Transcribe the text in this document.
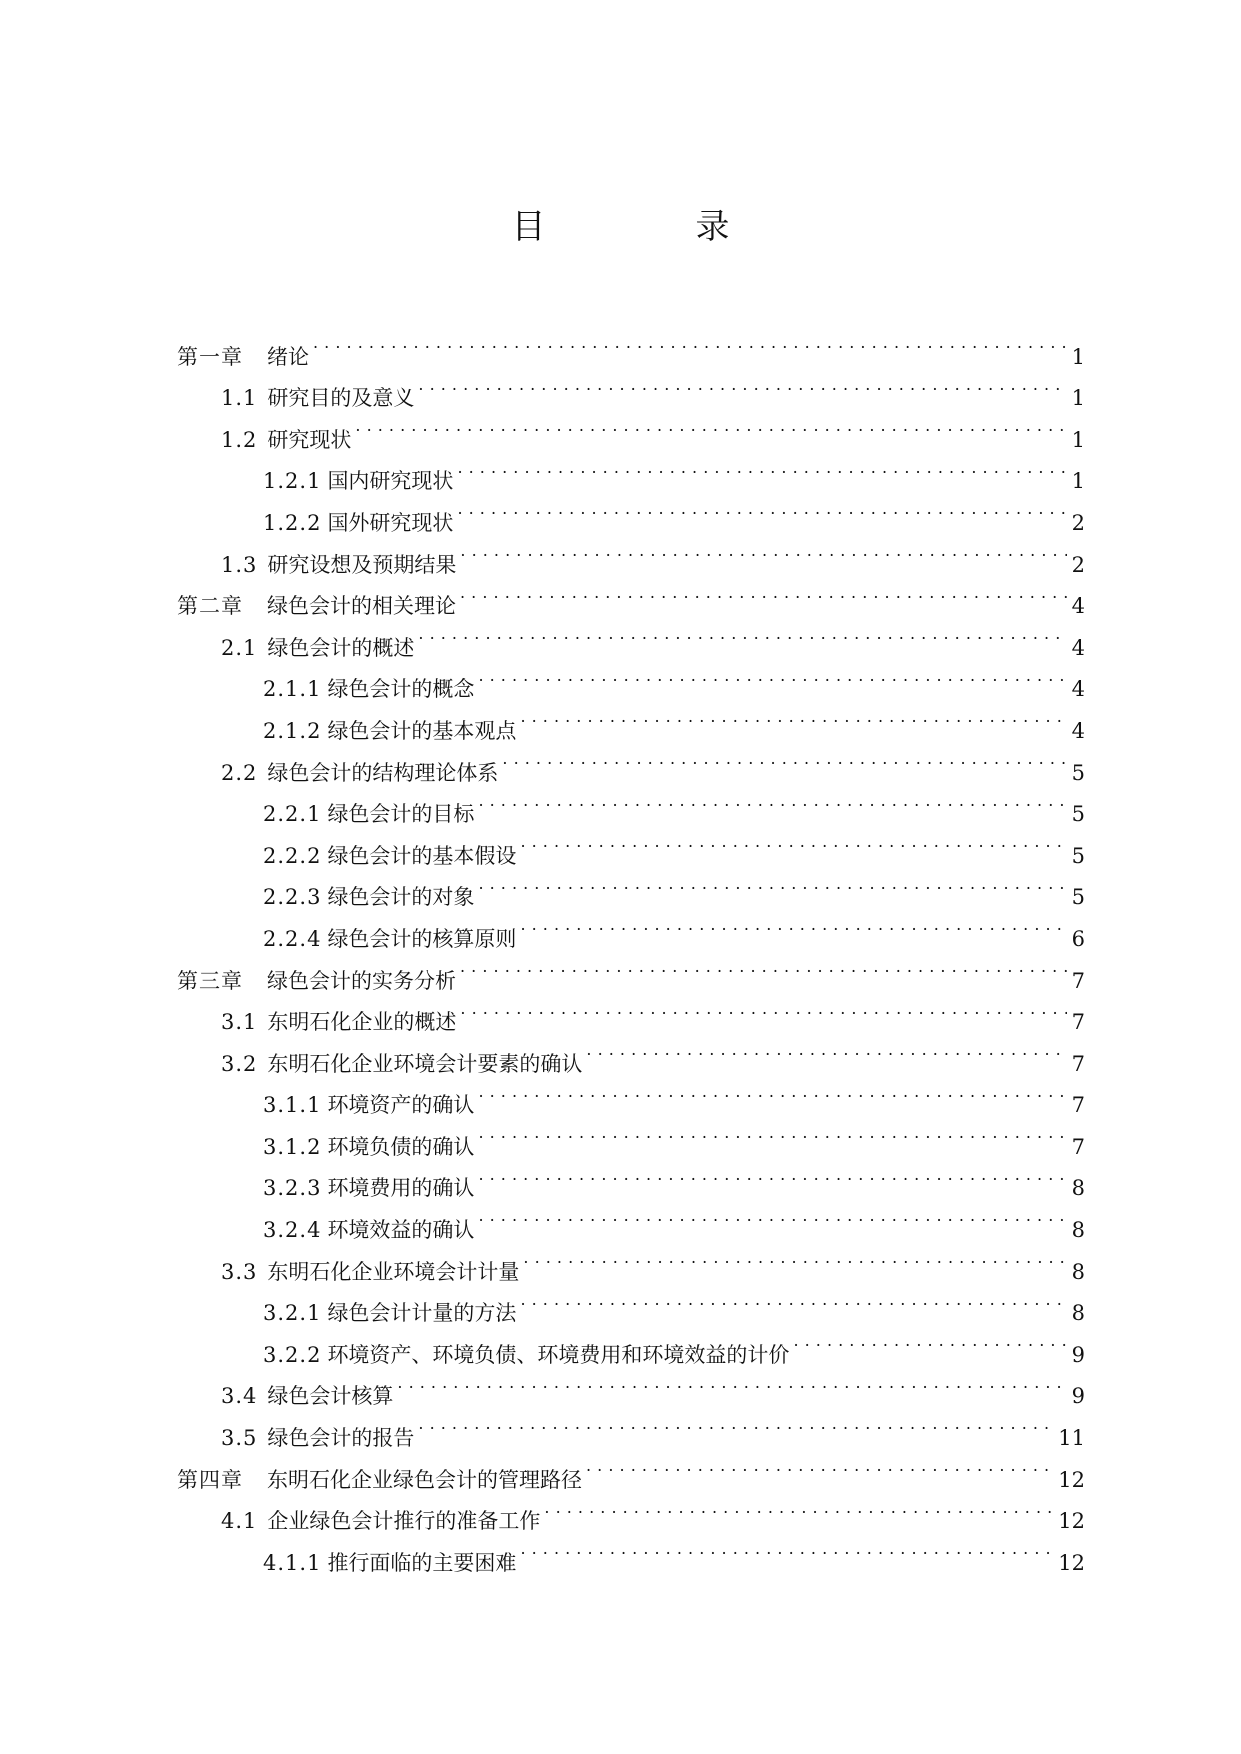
目　录
第一章 绪论 . . .	1
1.1 研究目的及意义 . . .	1
1.2 研究现状 . . .	1
1.2.1 国内研究现状 . . .	1
1.2.2 国外研究现状 . . .	2
1.3 研究设想及预期结果 . . .	2
第二章 绿色会计的相关理论 . . .	4
2.1 绿色会计的概述 . . .	4
2.1.1 绿色会计的概念 . . .	4
2.1.2 绿色会计的基本观点 . . .	4
2.2 绿色会计的结构理论体系 . . .	5
2.2.1 绿色会计的目标 . . .	5
2.2.2 绿色会计的基本假设 . . .	5
2.2.3 绿色会计的对象 . . .	5
2.2.4 绿色会计的核算原则 . . .	6
第三章 绿色会计的实务分析 . . .	7
3.1 东明石化企业的概述 . . .	7
3.2 东明石化企业环境会计要素的确认 . . .	7
3.1.1 环境资产的确认 . . .	7
3.1.2 环境负债的确认 . . .	7
3.2.3 环境费用的确认 . . .	8
3.2.4 环境效益的确认 . . .	8
3.3 东明石化企业环境会计计量 . . .	8
3.2.1 绿色会计计量的方法 . . .	8
3.2.2 环境资产、环境负债、环境费用和环境效益的计价 . . .	9
3.4 绿色会计核算 . . .	9
3.5 绿色会计的报告 . . .	11
第四章 东明石化企业绿色会计的管理路径 . . .	12
4.1 企业绿色会计推行的准备工作 . . .	12
4.1.1 推行面临的主要困难 . . .	12
